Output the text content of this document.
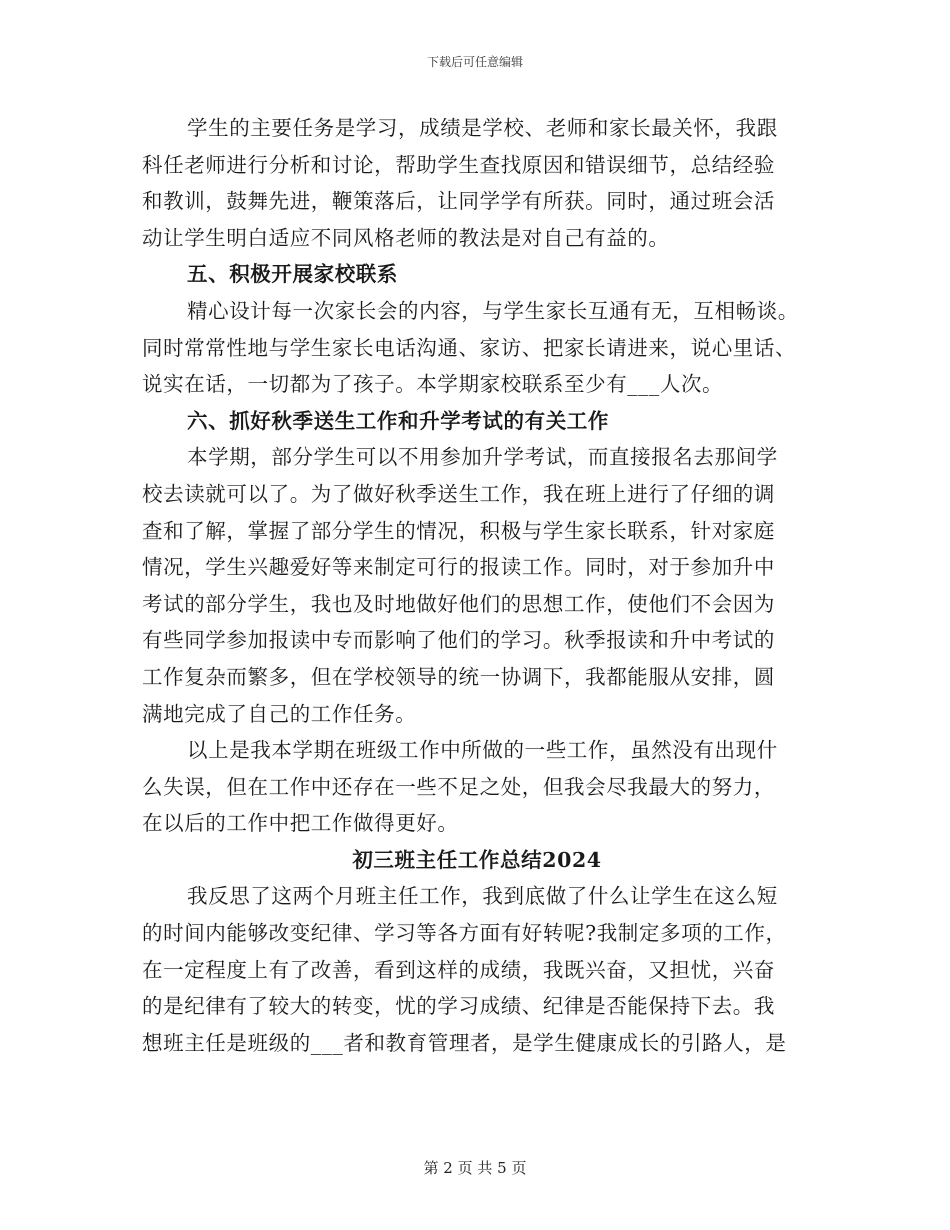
下载后可任意编辑
学生的主要任务是学习，成绩是学校、老师和家长最关怀，我跟
科任老师进行分析和讨论，帮助学生查找原因和错误细节，总结经验
和教训，鼓舞先进，鞭策落后，让同学学有所获。同时，通过班会活
动让学生明白适应不同风格老师的教法是对自己有益的。
五、积极开展家校联系
精心设计每一次家长会的内容，与学生家长互通有无，互相畅谈。
同时常常性地与学生家长电话沟通、家访、把家长请进来，说心里话、
说实在话，一切都为了孩子。本学期家校联系至少有___人次。
六、抓好秋季送生工作和升学考试的有关工作
本学期，部分学生可以不用参加升学考试，而直接报名去那间学
校去读就可以了。为了做好秋季送生工作，我在班上进行了仔细的调
查和了解，掌握了部分学生的情况，积极与学生家长联系，针对家庭
情况，学生兴趣爱好等来制定可行的报读工作。同时，对于参加升中
考试的部分学生，我也及时地做好他们的思想工作，使他们不会因为
有些同学参加报读中专而影响了他们的学习。秋季报读和升中考试的
工作复杂而繁多，但在学校领导的统一协调下，我都能服从安排，圆
满地完成了自己的工作任务。
以上是我本学期在班级工作中所做的一些工作，虽然没有出现什
么失误，但在工作中还存在一些不足之处，但我会尽我最大的努力，
在以后的工作中把工作做得更好。
初三班主任工作总结2024
我反思了这两个月班主任工作，我到底做了什么让学生在这么短
的时间内能够改变纪律、学习等各方面有好转呢?我制定多项的工作，
在一定程度上有了改善，看到这样的成绩，我既兴奋，又担忧，兴奋
的是纪律有了较大的转变，忧的学习成绩、纪律是否能保持下去。我
想班主任是班级的___者和教育管理者，是学生健康成长的引路人，是
第 2 页 共 5 页
